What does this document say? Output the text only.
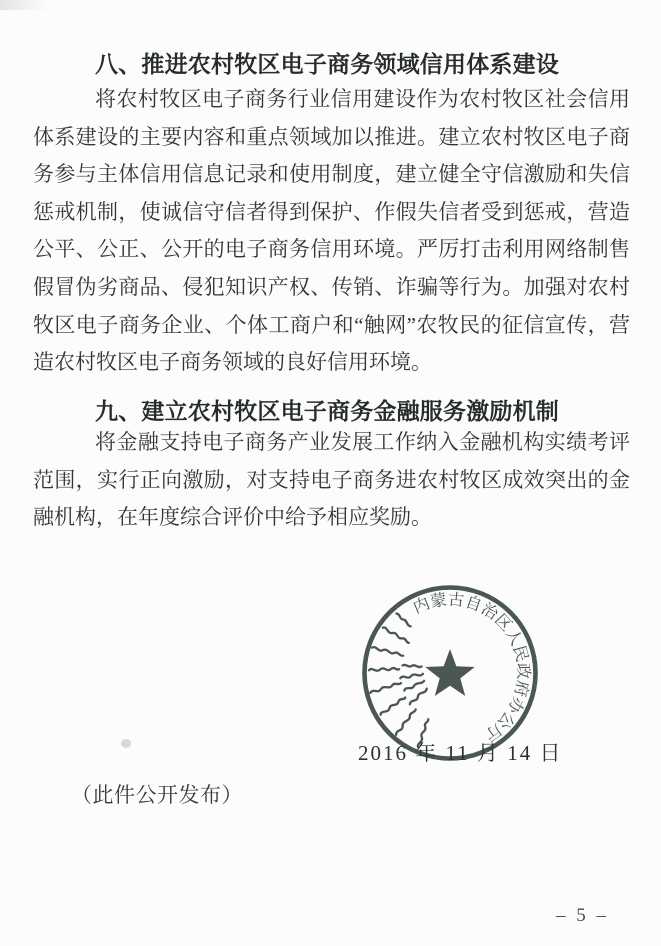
八、推进农村牧区电子商务领域信用体系建设
将农村牧区电子商务行业信用建设作为农村牧区社会信用体系建设的主要内容和重点领域加以推进。建立农村牧区电子商务参与主体信用信息记录和使用制度，建立健全守信激励和失信惩戒机制，使诚信守信者得到保护、作假失信者受到惩戒，营造公平、公正、公开的电子商务信用环境。严厉打击利用网络制售假冒伪劣商品、侵犯知识产权、传销、诈骗等行为。加强对农村牧区电子商务企业、个体工商户和“触网”农牧民的征信宣传，营造农村牧区电子商务领域的良好信用环境。
九、建立农村牧区电子商务金融服务激励机制
将金融支持电子商务产业发展工作纳入金融机构实绩考评范围，实行正向激励，对支持电子商务进农村牧区成效突出的金融机构，在年度综合评价中给予相应奖励。
内蒙古自治区人民政府办公厅
2016 年 11 月 14 日
（此件公开发布）
– 5 –
